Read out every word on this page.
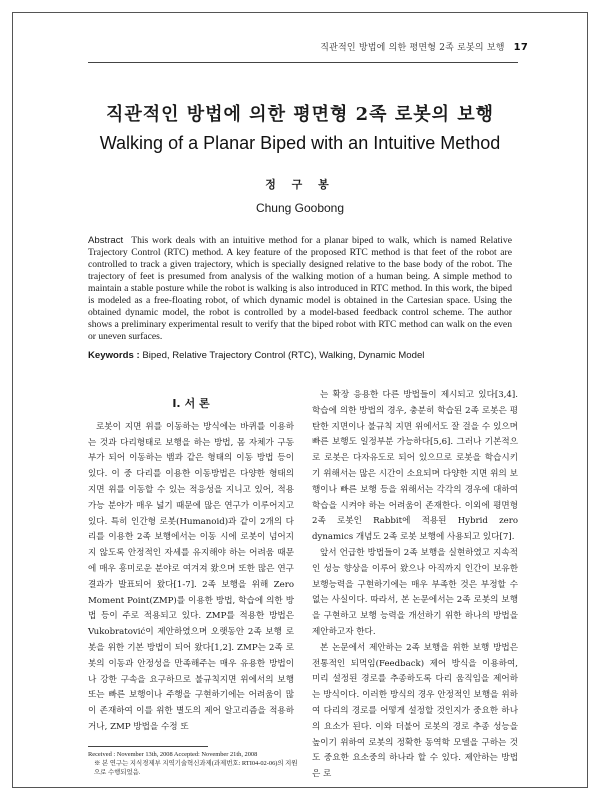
직관적인 방법에 의한 평면형 2족 로봇의 보행 17
직관적인 방법에 의한 평면형 2족 로봇의 보행
Walking of a Planar Biped with an Intuitive Method
정 구 봉
Chung Goobong
Abstract This work deals with an intuitive method for a planar biped to walk, which is named Relative Trajectory Control (RTC) method. A key feature of the proposed RTC method is that feet of the robot are controlled to track a given trajectory, which is specially designed relative to the base body of the robot. The trajectory of feet is presumed from analysis of the walking motion of a human being. A simple method to maintain a stable posture while the robot is walking is also introduced in RTC method. In this work, the biped is modeled as a free-floating robot, of which dynamic model is obtained in the Cartesian space. Using the obtained dynamic model, the robot is controlled by a model-based feedback control scheme. The author shows a preliminary experimental result to verify that the biped robot with RTC method can walk on the even or uneven surfaces.
Keywords : Biped, Relative Trajectory Control (RTC), Walking, Dynamic Model
I. 서 론

로봇이 지면 위를 이동하는 방식에는 바퀴를 이용하는 것과 다리형태로 보행을 하는 방법, 몸 자체가 구동부가 되어 이동하는 뱀과 같은 형태의 이동 방법 등이 있다. 이 중 다리를 이용한 이동방법은 다양한 형태의 지면 위를 이동할 수 있는 적응성을 지니고 있어, 적용가능 분야가 매우 넓기 때문에 많은 연구가 이루어지고 있다. 특히 인간형 로봇(Humanoid)과 같이 2개의 다리를 이용한 2족 보행에서는 이동 시에 로봇이 넘어지지 않도록 안정적인 자세를 유지해야 하는 어려움 때문에 매우 흥미로운 분야로 여겨져 왔으며 또한 많은 연구결과가 발표되어 왔다[1-7]. 2족 보행을 위해 Zero Moment Point(ZMP)를 이용한 방법, 학습에 의한 방법 등이 주로 적용되고 있다. ZMP를 적용한 방법은 Vukobratović이 제안하였으며 오랫동안 2족 보행 로봇을 위한 기본 방법이 되어 왔다[1,2]. ZMP는 2족 로봇의 이동과 안정성을 만족해주는 매우 유용한 방법이나 강한 구속을 요구하므로 불규칙지면 위에서의 보행 또는 빠른 보행이나 주행을 구현하기에는 어려움이 많이 존재하여 이를 위한 별도의 제어 알고리즘을 적용하거나, ZMP 방법을 수정 또

는 확장 응용한 다른 방법들이 제시되고 있다[3,4]. 학습에 의한 방법의 경우, 충분히 학습된 2족 로봇은 평탄한 지면이나 불규칙 지면 위에서도 잘 걸을 수 있으며 빠른 보행도 일정부분 가능하다[5,6]. 그러나 기본적으로 로봇은 다자유도로 되어 있으므로 로봇을 학습시키기 위해서는 많은 시간이 소요되며 다양한 지면 위의 보행이나 빠른 보행 등을 위해서는 각각의 경우에 대하여 학습을 시켜야 하는 어려움이 존재한다. 이외에 평면형 2족 로봇인 Rabbit에 적용된 Hybrid zero dynamics 개념도 2족 로봇 보행에 사용되고 있다[7].

앞서 언급한 방법들이 2족 보행을 실현하였고 지속적인 성능 향상을 이루어 왔으나 아직까지 인간이 보유한 보행능력을 구현하기에는 매우 부족한 것은 부정할 수 없는 사실이다. 따라서, 본 논문에서는 2족 로봇의 보행을 구현하고 보행 능력을 개선하기 위한 하나의 방법을 제안하고자 한다.

본 논문에서 제안하는 2족 보행을 위한 보행 방법은 전통적인 되먹임(Feedback) 제어 방식을 이용하여, 미리 설정된 경로를 추종하도록 다리 움직임을 제어하는 방식이다. 이러한 방식의 경우 안정적인 보행을 위하여 다리의 경로를 어떻게 설정할 것인지가 중요한 하나의 요소가 된다. 이와 더불어 로봇의 경로 추종 성능을 높이기 위하여 로봇의 정확한 동역학 모델을 구하는 것도 중요한 요소중의 하나라 할 수 있다. 제안하는 방법은 로

Received : November 13th, 2008 Accepted: November 21th, 2008
※ 본 연구는 지식경제부 지역기술혁신과제(과제번호: RTI04-02-06)의 지원으로 수행되었음.
